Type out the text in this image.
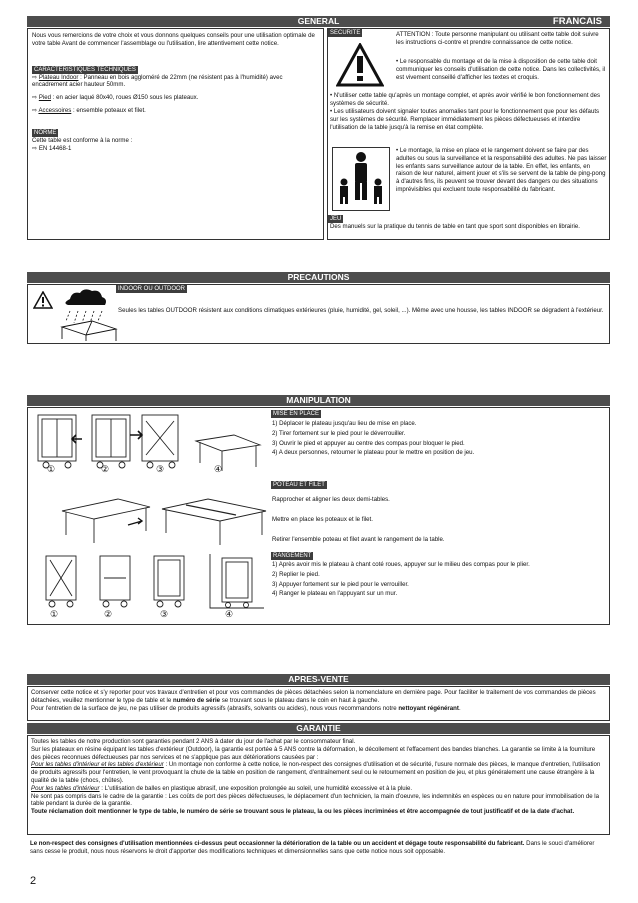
GENERAL	FRANCAIS

Nous vous remercions de votre choix et vous donnons quelques conseils pour une utilisation optimale de votre table Avant de commencer l'assemblage ou l'utilisation, lire attentivement cette notice.

CARACTERISTIQUES TECHNIQUES

⇨ Plateau Indoor : Panneau en bois aggloméré de 22mm (ne résistent pas à l'humidité) avec encadrement acier hauteur 50mm.

⇨ Pied : en acier laqué 80x40, roues Ø150 sous les plateaux.

⇨ Accessoires : ensemble poteaux et filet.

NORME

Cette table est conforme à la norme :

⇨ EN 14468-1

SECURITE	ATTENTION : Toute personne manipulant ou utilisant cette table doit suivre les instructions ci-contre et prendre connaissance de cette notice.

• Le responsable du montage et de la mise à disposition de cette table doit communiquer les conseils d'utilisation de cette notice. Dans les collectivités, il est vivement conseillé d'afficher les textes et croquis.

• N'utiliser cette table qu'après un montage complet, et après avoir vérifié le bon fonctionnement des systèmes de sécurité.

• Les utilisateurs doivent signaler toutes anomalies tant pour le fonctionnement que pour les défauts sur les systèmes de sécurité. Remplacer immédiatement les pièces défectueuses et interdire l'utilisation de la table jusqu'à la remise en état complète.

• Le montage, la mise en place et le rangement doivent se faire par des adultes ou sous la surveillance et la responsabilité des adultes. Ne pas laisser les enfants sans surveillance autour de la table. En effet, les enfants, en raison de leur naturel, aiment jouer et s'ils se servent de la table de ping-pong à d'autres fins, ils peuvent se trouver devant des dangers ou des situations imprévisibles qui excluent toute responsabilité du fabricant.

JEU

Des manuels sur la pratique du tennis de table en tant que sport sont disponibles en librairie.

PRECAUTIONS
INDOOR OU OUTDOOR

Seules les tables OUTDOOR résistent aux conditions climatiques extérieures (pluie, humidité, gel, soleil, ...). Même avec une housse, les tables INDOOR se dégradent à l'extérieur.

MANIPULATION
①	②	③	④
MISE EN PLACE
1) Déplacer le plateau jusqu'au lieu de mise en place.
2) Tirer fortement sur le pied pour le déverrouiller.
3) Ouvrir le pied et appuyer au centre des compas pour bloquer le pied.
4) A deux personnes, retourner le plateau pour le mettre en position de jeu.
POTEAU ET FILET

Rapprocher et aligner les deux demi-tables.

Mettre en place les poteaux et le filet.

Retirer l'ensemble poteau et filet avant le rangement de la table.

①	②	③	④
RANGEMENT
1) Après avoir mis le plateau à chant coté roues, appuyer sur le milieu des compas pour le plier.
2) Replier le pied.
3) Appuyer fortement sur le pied pour le verrouiller.
4) Ranger le plateau en l'appuyant sur un mur.
APRES-VENTE

Conserver cette notice et s'y reporter pour vos travaux d'entretien et pour vos commandes de pièces détachées selon la nomenclature en dernière page. Pour faciliter le traitement de vos commandes de pièces détachées, veuillez mentionner le type de table et le numéro de série se trouvant sous le plateau dans le coin en haut à gauche.

Pour l'entretien de la surface de jeu, ne pas utiliser de produits agressifs (abrasifs, solvants ou acides), nous vous recommandons notre nettoyant régénérant.

GARANTIE

Toutes les tables de notre production sont garanties pendant 2 ANS à dater du jour de l'achat par le consommateur final.

Sur les plateaux en résine équipant les tables d'extérieur (Outdoor), la garantie est portée à 5 ANS contre la déformation, le décollement et l'effacement des bandes blanches. La garantie se limite à la fourniture des pièces reconnues défectueuses par nos services et ne s'applique pas aux détériorations causées par :

Pour les tables d'intérieur et les tables d'extérieur : Un montage non conforme à cette notice, le non-respect des consignes d'utilisation et de sécurité, l'usure normale des pièces, le manque d'entretien, l'utilisation de produits agressifs pour l'entretien, le vent provoquant la chute de la table en position de rangement, d'entraînement seul ou le retournement en position de jeu, et plus généralement une cause étrangère à la qualité de la table (chocs, chûtes).

Pour les tables d'intérieur : L'utilisation de balles en plastique abrasif, une exposition prolongée au soleil, une humidité excessive et à la pluie.

Ne sont pas compris dans le cadre de la garantie : Les coûts de port des pièces défectueuses, le déplacement d'un technicien, la main d'oeuvre, les indemnités en espèces ou en nature pour immobilisation de la table pendant la durée de la garantie.

Toute réclamation doit mentionner le type de table, le numéro de série se trouvant sous le plateau, la ou les pièces incriminées et être accompagnée de tout justificatif et de la date d'achat.

Le non-respect des consignes d'utilisation mentionnées ci-dessus peut occasionner la détérioration de la table ou un accident et dégage toute responsabilité du fabricant. Dans le souci d'améliorer sans cesse le produit, nous nous réservons le droit d'apporter des modifications techniques et dimensionnelles sans que cette notice nous soit opposable.

2
